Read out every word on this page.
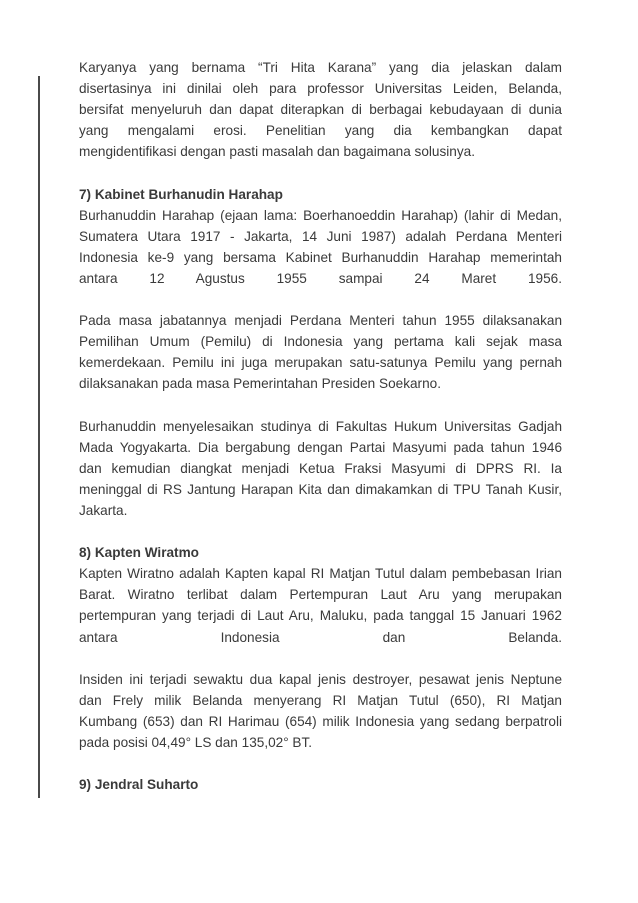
Karyanya yang bernama “Tri Hita Karana” yang dia jelaskan dalam

disertasinya ini dinilai oleh para professor Universitas Leiden, Belanda,

bersifat menyeluruh dan dapat diterapkan di berbagai kebudayaan di dunia

yang mengalami erosi. Penelitian yang dia kembangkan dapat

mengidentifikasi dengan pasti masalah dan bagaimana solusinya.

7) Kabinet Burhanudin Harahap

Burhanuddin Harahap (ejaan lama: Boerhanoeddin Harahap) (lahir di Medan,

Sumatera Utara 1917 - Jakarta, 14 Juni 1987) adalah Perdana Menteri

Indonesia ke-9 yang bersama Kabinet Burhanuddin Harahap memerintah

antara 12 Agustus 1955 sampai 24 Maret 1956.

Pada masa jabatannya menjadi Perdana Menteri tahun 1955 dilaksanakan

Pemilihan Umum (Pemilu) di Indonesia yang pertama kali sejak masa

kemerdekaan. Pemilu ini juga merupakan satu-satunya Pemilu yang pernah

dilaksanakan pada masa Pemerintahan Presiden Soekarno.

Burhanuddin menyelesaikan studinya di Fakultas Hukum Universitas Gadjah

Mada Yogyakarta. Dia bergabung dengan Partai Masyumi pada tahun 1946

dan kemudian diangkat menjadi Ketua Fraksi Masyumi di DPRS RI. Ia

meninggal di RS Jantung Harapan Kita dan dimakamkan di TPU Tanah Kusir,

Jakarta.

8) Kapten Wiratmo

Kapten Wiratno adalah Kapten kapal RI Matjan Tutul dalam pembebasan Irian

Barat. Wiratno terlibat dalam Pertempuran Laut Aru yang merupakan

pertempuran yang terjadi di Laut Aru, Maluku, pada tanggal 15 Januari 1962

antara Indonesia dan Belanda.

Insiden ini terjadi sewaktu dua kapal jenis destroyer, pesawat jenis Neptune

dan Frely milik Belanda menyerang RI Matjan Tutul (650), RI Matjan

Kumbang (653) dan RI Harimau (654) milik Indonesia yang sedang berpatroli

pada posisi 04,49° LS dan 135,02° BT.

9) Jendral Suharto
